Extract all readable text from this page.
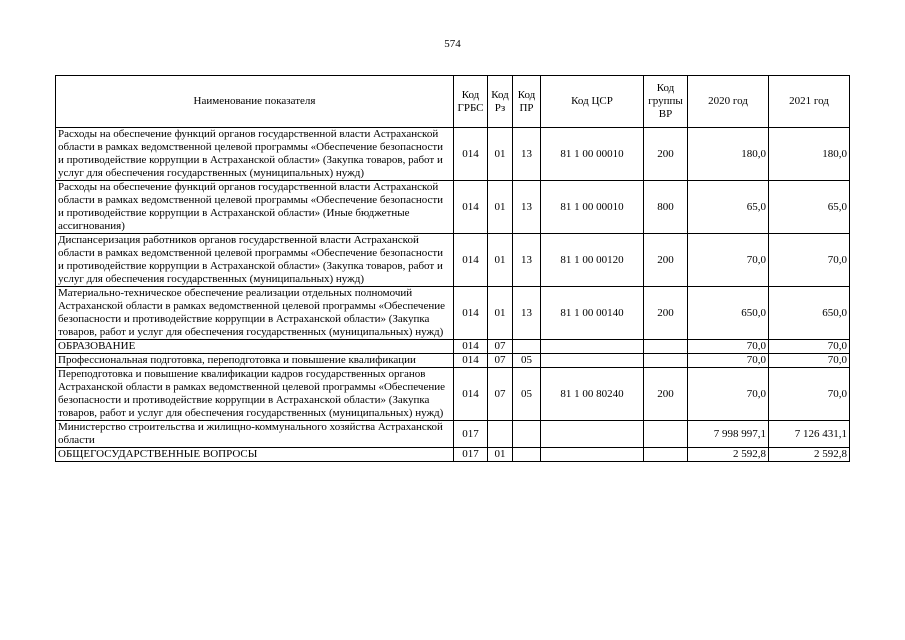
574
Наименование показателя	Код ГРБС	Код Рз	Код ПР	Код ЦСР	Код группы ВР	2020 год	2021 год
Расходы на обеспечение функций органов государственной власти Астраханской области в рамках ведомственной целевой программы «Обеспечение безопасности и противодействие коррупции в Астраханской области» (Закупка товаров, работ и услуг для обеспечения государственных (муниципальных) нужд)	014	01	13	81 1 00 00010	200	180,0	180,0
Расходы на обеспечение функций органов государственной власти Астраханской области в рамках ведомственной целевой программы «Обеспечение безопасности и противодействие коррупции в Астраханской области» (Иные бюджетные ассигнования)	014	01	13	81 1 00 00010	800	65,0	65,0
Диспансеризация работников органов государственной власти Астраханской области в рамках ведомственной целевой программы «Обеспечение безопасности и противодействие коррупции в Астраханской области» (Закупка товаров, работ и услуг для обеспечения государственных (муниципальных) нужд)	014	01	13	81 1 00 00120	200	70,0	70,0
Материально-техническое обеспечение реализации отдельных полномочий Астраханской области в рамках ведомственной целевой программы «Обеспечение безопасности и противодействие коррупции в Астраханской области» (Закупка товаров, работ и услуг для обеспечения государственных (муниципальных) нужд)	014	01	13	81 1 00 00140	200	650,0	650,0
ОБРАЗОВАНИЕ	014	07				70,0	70,0
Профессиональная подготовка, переподготовка и повышение квалификации	014	07	05			70,0	70,0
Переподготовка и повышение квалификации кадров государственных органов Астраханской области в рамках ведомственной целевой программы «Обеспечение безопасности и противодействие коррупции в Астраханской области» (Закупка товаров, работ и услуг для обеспечения государственных (муниципальных) нужд)	014	07	05	81 1 00 80240	200	70,0	70,0
Министерство строительства и жилищно-коммунального хозяйства Астраханской области	017					7 998 997,1	7 126 431,1
ОБЩЕГОСУДАРСТВЕННЫЕ ВОПРОСЫ	017	01				2 592,8	2 592,8
